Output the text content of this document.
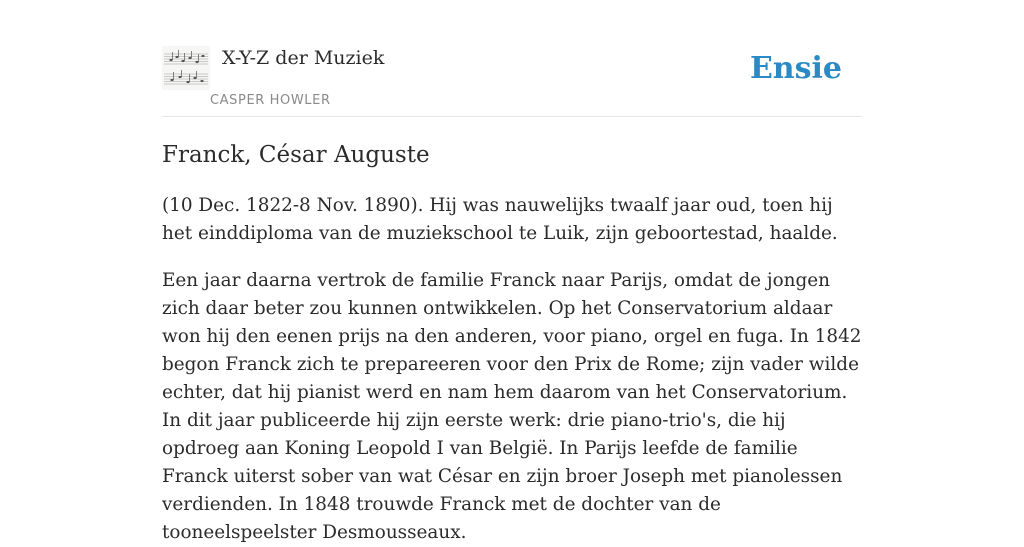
X-Y-Z der Muziek
CASPER HOWLER
Ensie
Franck, César Auguste

(10 Dec. 1822-8 Nov. 1890). Hij was nauwelijks twaalf jaar oud, toen hij het einddiploma van de muziekschool te Luik, zijn geboortestad, haalde.

Een jaar daarna vertrok de familie Franck naar Parijs, omdat de jongen zich daar beter zou kunnen ontwikkelen. Op het Conservatorium aldaar won hij den eenen prijs na den anderen, voor piano, orgel en fuga. In 1842 begon Franck zich te prepareeren voor den Prix de Rome; zijn vader wilde echter, dat hij pianist werd en nam hem daarom van het Conservatorium. In dit jaar publiceerde hij zijn eerste werk: drie piano-trio's, die hij opdroeg aan Koning Leopold I van België. In Parijs leefde de familie Franck uiterst sober van wat César en zijn broer Joseph met pianolessen verdienden. In 1848 trouwde Franck met de dochter van de tooneelspeelster Desmousseaux.
